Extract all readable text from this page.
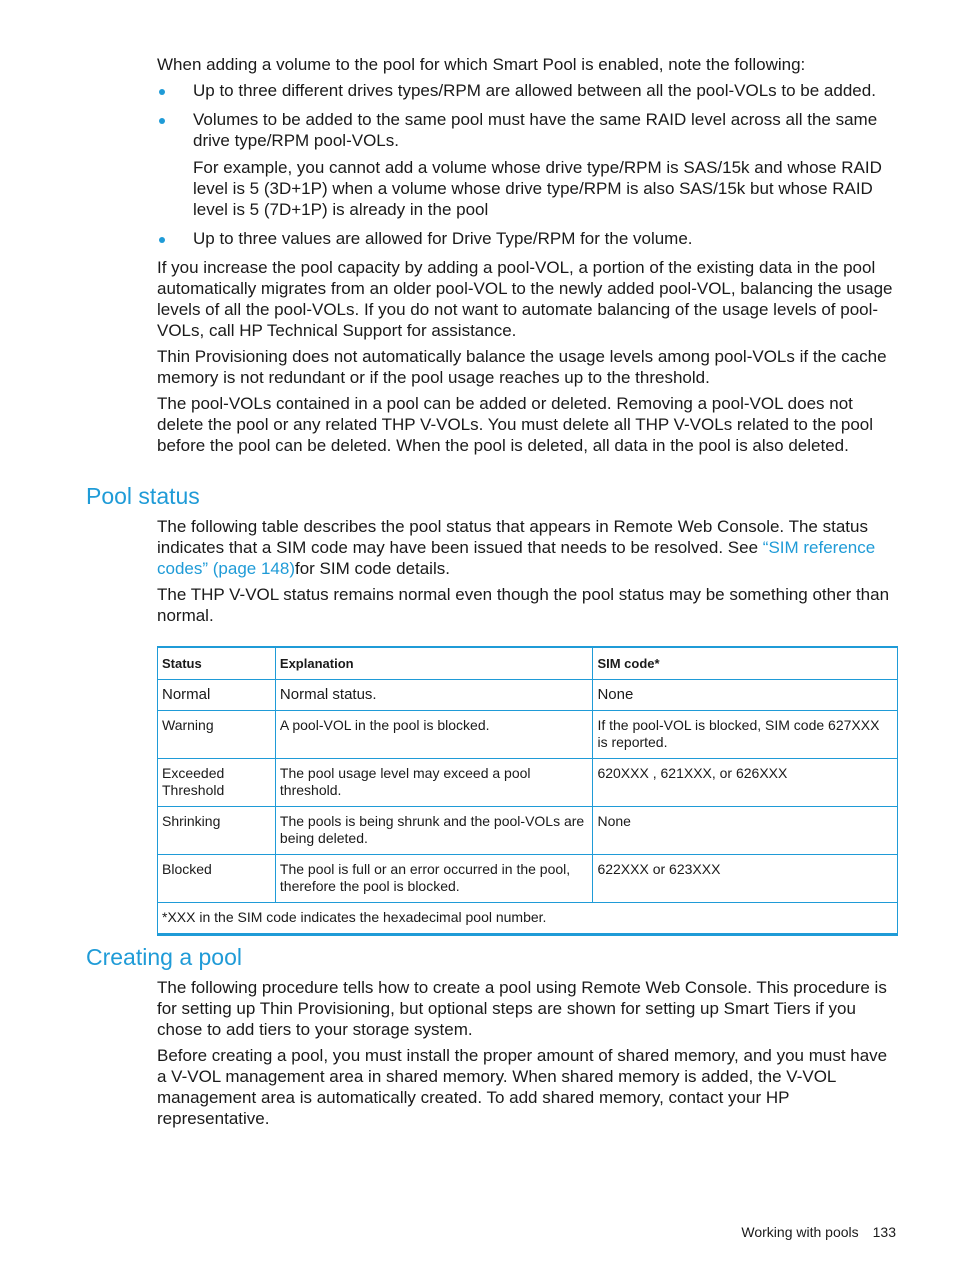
When adding a volume to the pool for which Smart Pool is enabled, note the following:

Up to three different drives types/RPM are allowed between all the pool-VOLs to be added.
Volumes to be added to the same pool must have the same RAID level across all the same drive type/RPM pool-VOLs.
For example, you cannot add a volume whose drive type/RPM is SAS/15k and whose RAID level is 5 (3D+1P) when a volume whose drive type/RPM is also SAS/15k but whose RAID level is 5 (7D+1P) is already in the pool
Up to three values are allowed for Drive Type/RPM for the volume.

If you increase the pool capacity by adding a pool-VOL, a portion of the existing data in the pool automatically migrates from an older pool-VOL to the newly added pool-VOL, balancing the usage levels of all the pool-VOLs. If you do not want to automate balancing of the usage levels of pool-VOLs, call HP Technical Support for assistance.

Thin Provisioning does not automatically balance the usage levels among pool-VOLs if the cache memory is not redundant or if the pool usage reaches up to the threshold.

The pool-VOLs contained in a pool can be added or deleted. Removing a pool-VOL does not delete the pool or any related THP V-VOLs. You must delete all THP V-VOLs related to the pool before the pool can be deleted. When the pool is deleted, all data in the pool is also deleted.

Pool status

The following table describes the pool status that appears in Remote Web Console. The status indicates that a SIM code may have been issued that needs to be resolved. See “SIM reference codes” (page 148)for SIM code details.

The THP V-VOL status remains normal even though the pool status may be something other than normal.

Status	Explanation	SIM code*
Normal	Normal status.	None
Warning	A pool-VOL in the pool is blocked.	If the pool-VOL is blocked, SIM code 627XXX is reported.
Exceeded Threshold	The pool usage level may exceed a pool threshold.	620XXX , 621XXX, or 626XXX
Shrinking	The pools is being shrunk and the pool-VOLs are being deleted.	None
Blocked	The pool is full or an error occurred in the pool, therefore the pool is blocked.	622XXX or 623XXX
*XXX in the SIM code indicates the hexadecimal pool number.		
Creating a pool

The following procedure tells how to create a pool using Remote Web Console. This procedure is for setting up Thin Provisioning, but optional steps are shown for setting up Smart Tiers if you chose to add tiers to your storage system.

Before creating a pool, you must install the proper amount of shared memory, and you must have a V-VOL management area in shared memory. When shared memory is added, the V-VOL management area is automatically created. To add shared memory, contact your HP representative.

Working with pools 133
